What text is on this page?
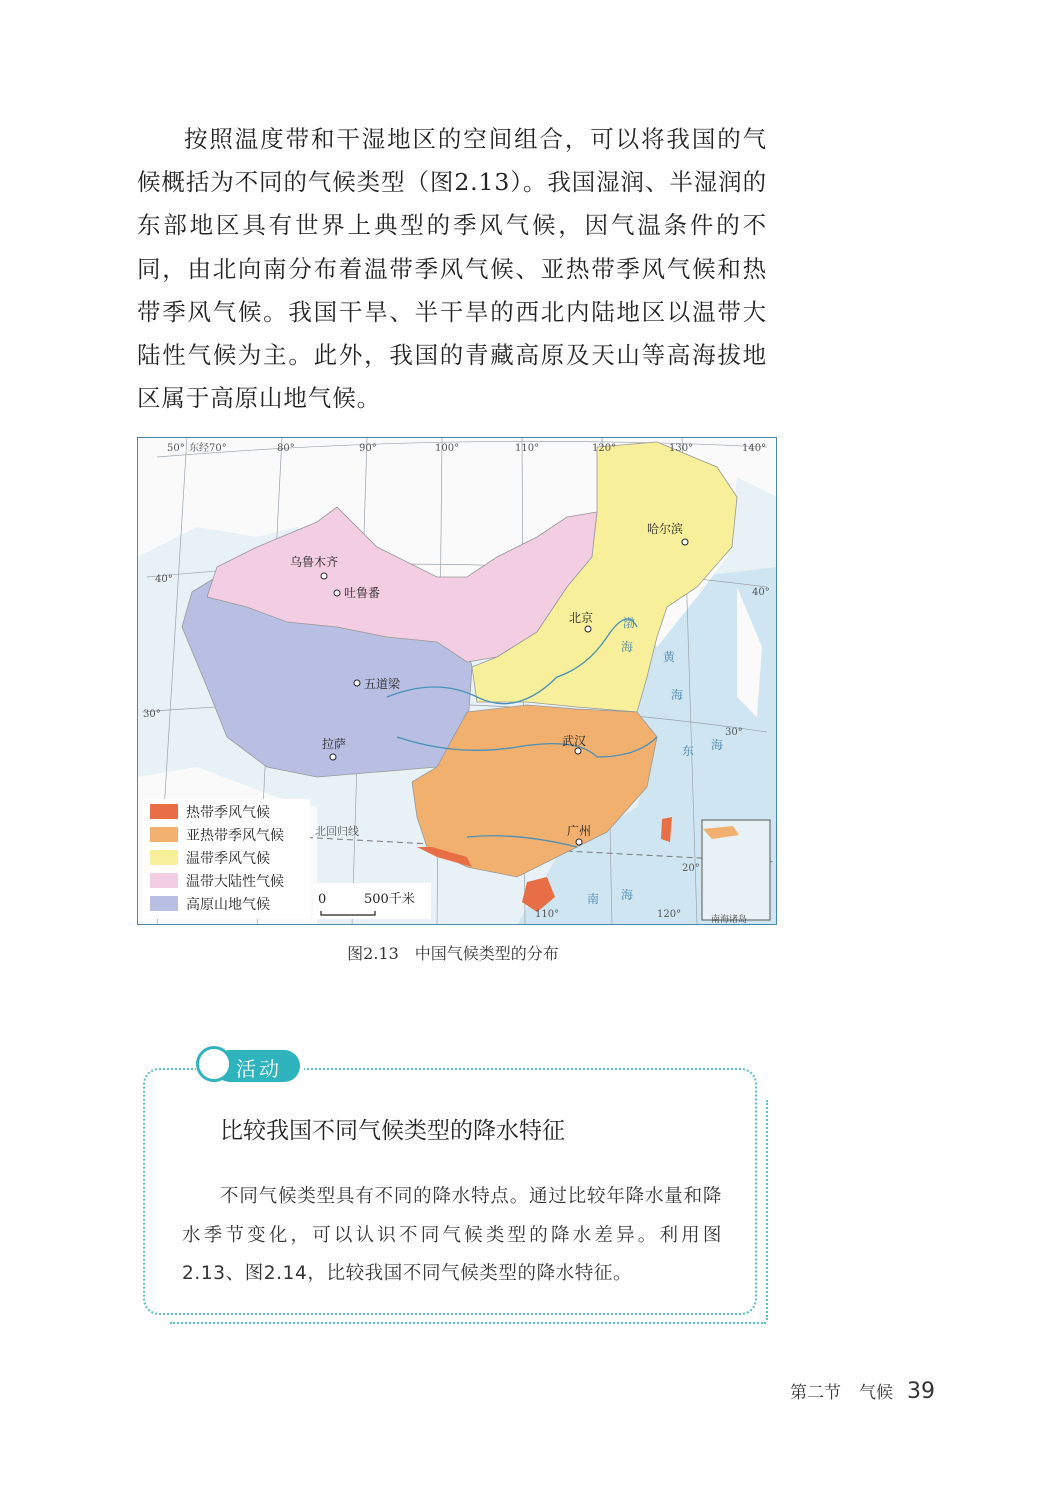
按照温度带和干湿地区的空间组合，可以将我国的气候概括为不同的气候类型（图2.13）。我国湿润、半湿润的东部地区具有世界上典型的季风气候，因气温条件的不同，由北向南分布着温带季风气候、亚热带季风气候和热带季风气候。我国干旱、半干旱的西北内陆地区以温带大陆性气候为主。此外，我国的青藏高原及天山等高海拔地区属于高原山地气候。

50° 东经70°	80°	90°	100°	110°	120°	130°	140°
110°	120°
40°
30°
40°
30°
20°
乌鲁木齐
吐鲁番
哈尔滨
北京
五道梁
拉萨	武汉
广州
渤
海
黄
海
东 海
南 海
北回归线
南海诸岛
热带季风气候
亚热带季风气候
温带季风气候
温带大陆性气候
高原山地气候	0	500千米
图2.13　中国气候类型的分布
活动
比较我国不同气候类型的降水特征

不同气候类型具有不同的降水特点。通过比较年降水量和降水季节变化，可以认识不同气候类型的降水差异。利用图2.13、图2.14，比较我国不同气候类型的降水特征。

第二节 气候 39
